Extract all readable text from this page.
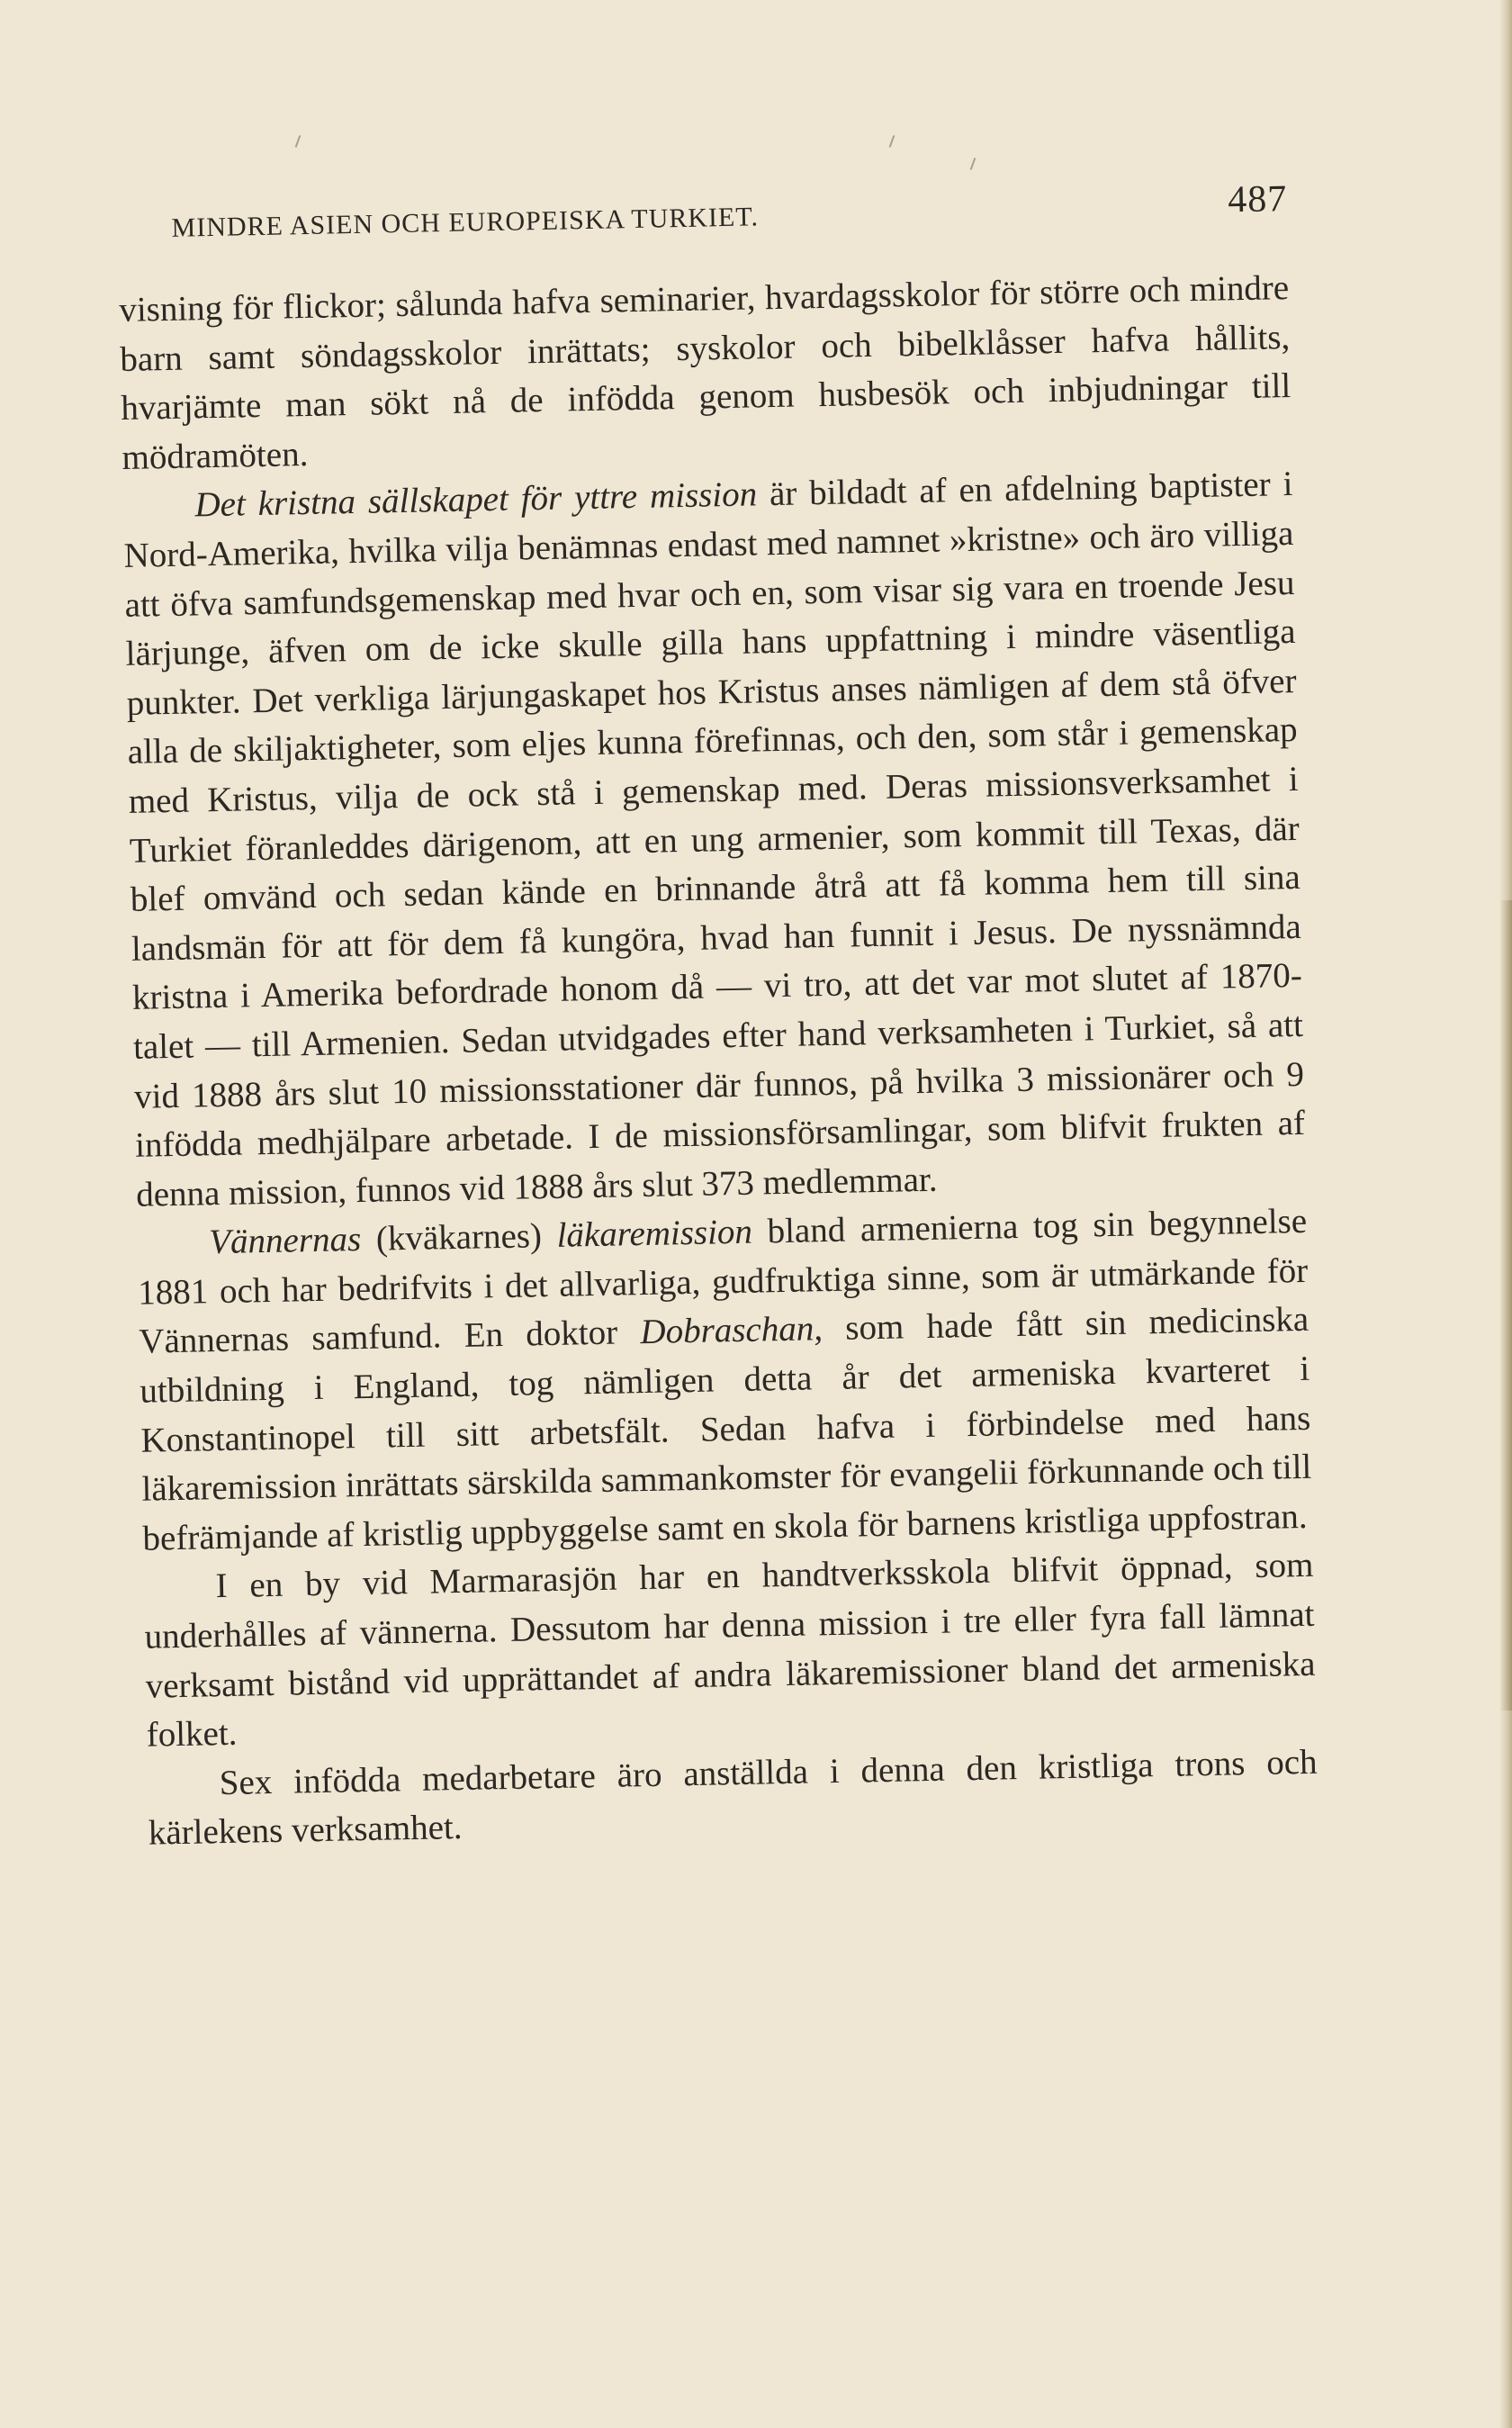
MINDRE ASIEN OCH EUROPEISKA TURKIET.
487

visning för flickor; sålunda hafva seminarier, hvardagsskolor för större och mindre barn samt söndagsskolor inrättats; syskolor och bibelklåsser hafva hållits, hvarjämte man sökt nå de infödda genom husbesök och inbjudningar till mödramöten.

Det kristna sällskapet för yttre mission är bildadt af en afdelning baptister i Nord-Amerika, hvilka vilja benämnas endast med namnet »kristne» och äro villiga att öfva samfundsgemenskap med hvar och en, som visar sig vara en troende Jesu lärjunge, äfven om de icke skulle gilla hans uppfattning i mindre väsentliga punkter. Det verkliga lärjungaskapet hos Kristus anses nämligen af dem stå öfver alla de skiljaktigheter, som eljes kunna förefinnas, och den, som står i gemenskap med Kristus, vilja de ock stå i gemenskap med. Deras missionsverksamhet i Turkiet föranleddes därigenom, att en ung armenier, som kommit till Texas, där blef omvänd och sedan kände en brinnande åtrå att få komma hem till sina landsmän för att för dem få kungöra, hvad han funnit i Jesus. De nyssnämnda kristna i Amerika befordrade honom då — vi tro, att det var mot slutet af 1870-talet — till Armenien. Sedan utvidgades efter hand verksamheten i Turkiet, så att vid 1888 års slut 10 missionsstationer där funnos, på hvilka 3 missionärer och 9 infödda medhjälpare arbetade. I de missionsförsamlingar, som blifvit frukten af denna mission, funnos vid 1888 års slut 373 medlemmar.

Vännernas (kväkarnes) läkaremission bland armenierna tog sin begynnelse 1881 och har bedrifvits i det allvarliga, gudfruktiga sinne, som är utmärkande för Vännernas samfund. En doktor Dobraschan, som hade fått sin medicinska utbildning i England, tog nämligen detta år det armeniska kvarteret i Konstantinopel till sitt arbetsfält. Sedan hafva i förbindelse med hans läkaremission inrättats särskilda sammankomster för evangelii förkunnande och till befrämjande af kristlig uppbyggelse samt en skola för barnens kristliga uppfostran.

I en by vid Marmarasjön har en handtverksskola blifvit öppnad, som underhålles af vännerna. Dessutom har denna mission i tre eller fyra fall lämnat verksamt bistånd vid upprättandet af andra läkaremissioner bland det armeniska folket.

Sex infödda medarbetare äro anställda i denna den kristliga trons och kärlekens verksamhet.
